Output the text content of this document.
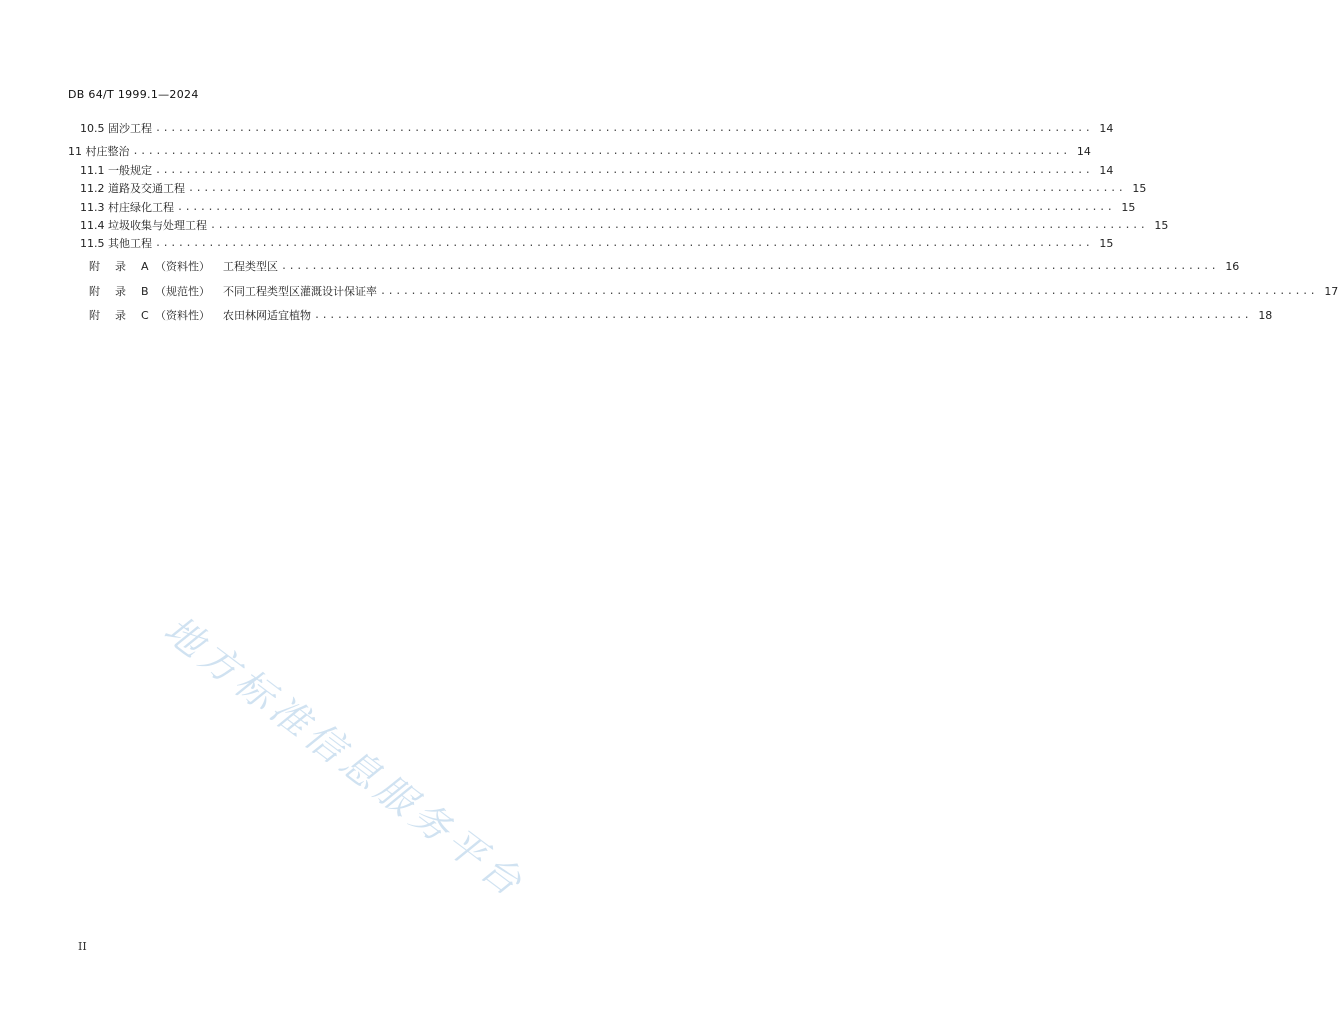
DB 64/T 1999.1—2024
10.5 固沙工程 ........................................................................................................................... 14
11 村庄整治 ........................................................................................................................... 14
11.1 一般规定 ........................................................................................................................... 14
11.2 道路及交通工程 ........................................................................................................................... 15
11.3 村庄绿化工程 ........................................................................................................................... 15
11.4 垃圾收集与处理工程 ........................................................................................................................... 15
11.5 其他工程 ........................................................................................................................... 15

附 录 A （资料性） 工程类型区
........................................................................................................................... 16

附 录 B （规范性） 不同工程类型区灌溉设计保证率
........................................................................................................................... 17

附 录 C （资料性） 农田林网适宜植物
........................................................................................................................... 18
地方标准信息服务平台
II
